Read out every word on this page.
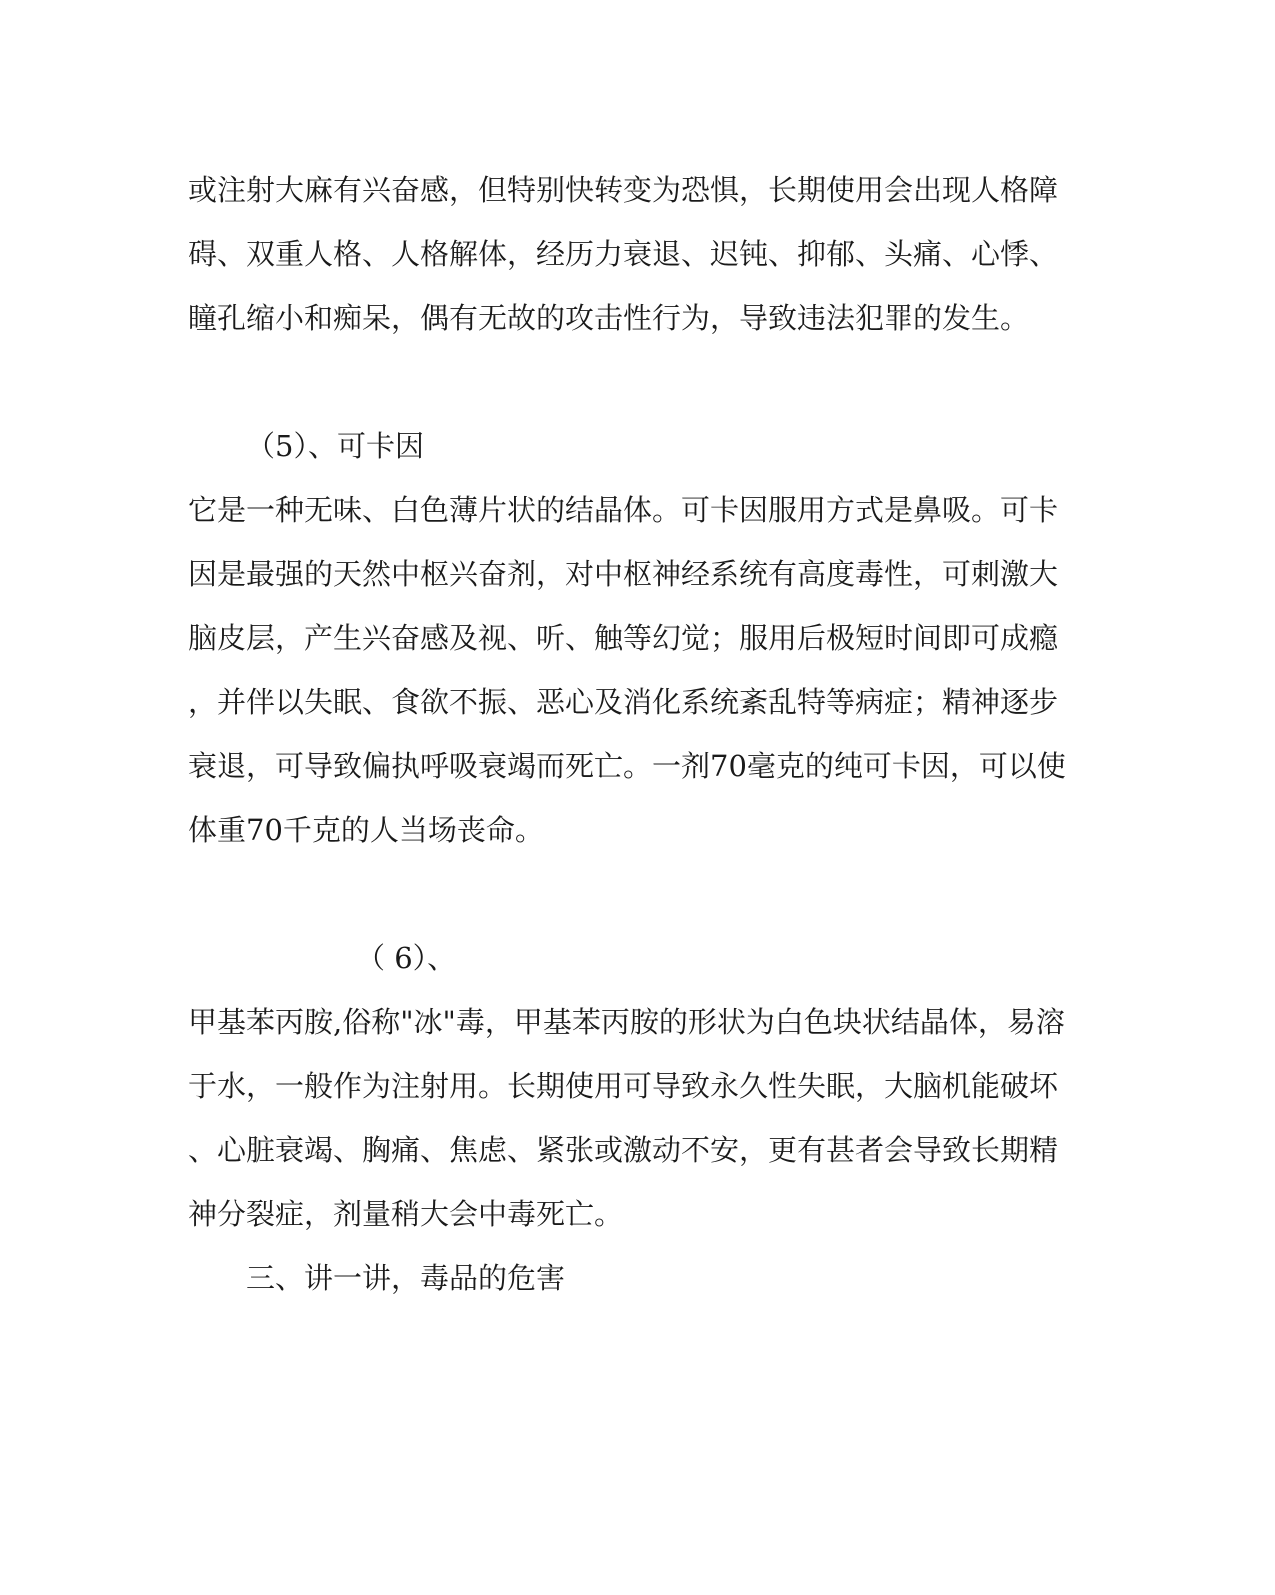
或注射大麻有兴奋感，但特别快转变为恐惧，长期使用会出现人格障
碍、双重人格、人格解体，经历力衰退、迟钝、抑郁、头痛、心悸、
瞳孔缩小和痴呆，偶有无故的攻击性行为，导致违法犯罪的发生。
（5）、可卡因
它是一种无味、白色薄片状的结晶体。可卡因服用方式是鼻吸。可卡
因是最强的天然中枢兴奋剂，对中枢神经系统有高度毒性，可刺激大
脑皮层，产生兴奋感及视、听、触等幻觉；服用后极短时间即可成瘾
，并伴以失眠、食欲不振、恶心及消化系统紊乱特等病症；精神逐步
衰退，可导致偏执呼吸衰竭而死亡。一剂70毫克的纯可卡因，可以使
体重70千克的人当场丧命。
（ 6）、
甲基苯丙胺,俗称"冰"毒，甲基苯丙胺的形状为白色块状结晶体，易溶
于水，一般作为注射用。长期使用可导致永久性失眠，大脑机能破坏
、心脏衰竭、胸痛、焦虑、紧张或激动不安，更有甚者会导致长期精
神分裂症，剂量稍大会中毒死亡。
三、讲一讲，毒品的危害
